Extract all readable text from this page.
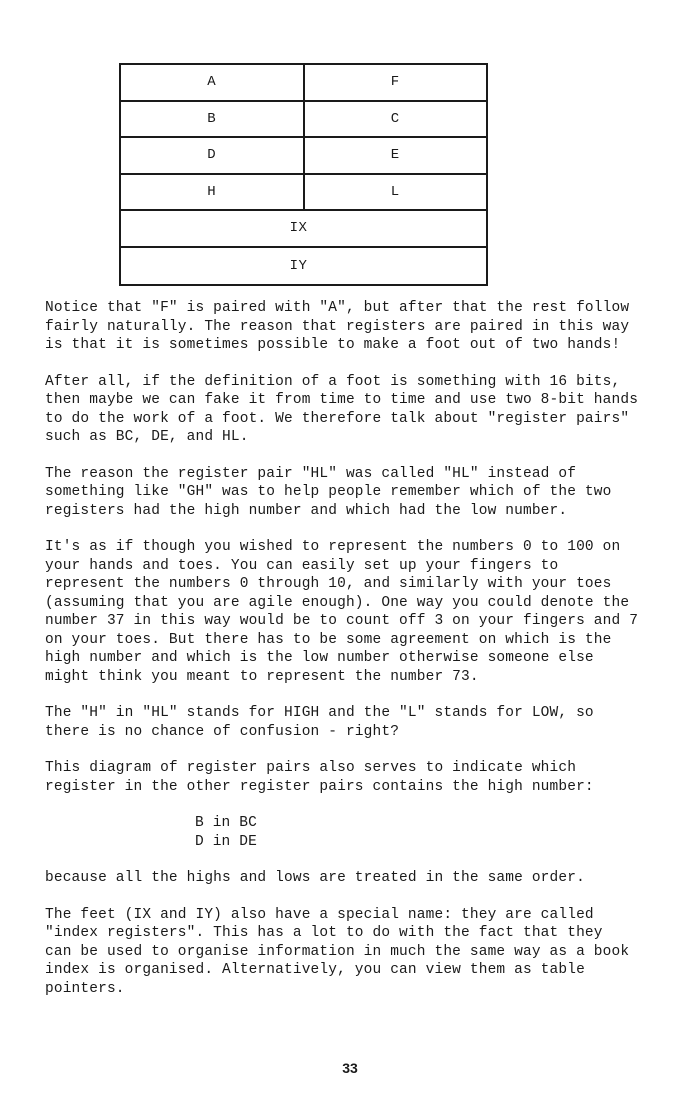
A	F
B	C
D	E
H	L
IX
IY

Notice that "F" is paired with "A", but after that the rest follow
fairly naturally. The reason that registers are paired in this way
is that it is sometimes possible to make a foot out of two hands!

After all, if the definition of a foot is something with 16 bits,
then maybe we can fake it from time to time and use two 8-bit hands
to do the work of a foot. We therefore talk about "register pairs"
such as BC, DE, and HL.

The reason the register pair "HL" was called "HL" instead of
something like "GH" was to help people remember which of the two
registers had the high number and which had the low number.

It's as if though you wished to represent the numbers 0 to 100 on
your hands and toes. You can easily set up your fingers to
represent the numbers 0 through 10, and similarly with your toes
(assuming that you are agile enough). One way you could denote the
number 37 in this way would be to count off 3 on your fingers and 7
on your toes. But there has to be some agreement on which is the
high number and which is the low number otherwise someone else
might think you meant to represent the number 73.

The "H" in "HL" stands for HIGH and the "L" stands for LOW, so
there is no chance of confusion - right?

This diagram of register pairs also serves to indicate which
register in the other register pairs contains the high number:

B in BC
D in DE

because all the highs and lows are treated in the same order.

The feet (IX and IY) also have a special name: they are called
"index registers". This has a lot to do with the fact that they
can be used to organise information in much the same way as a book
index is organised. Alternatively, you can view them as table
pointers.

33
